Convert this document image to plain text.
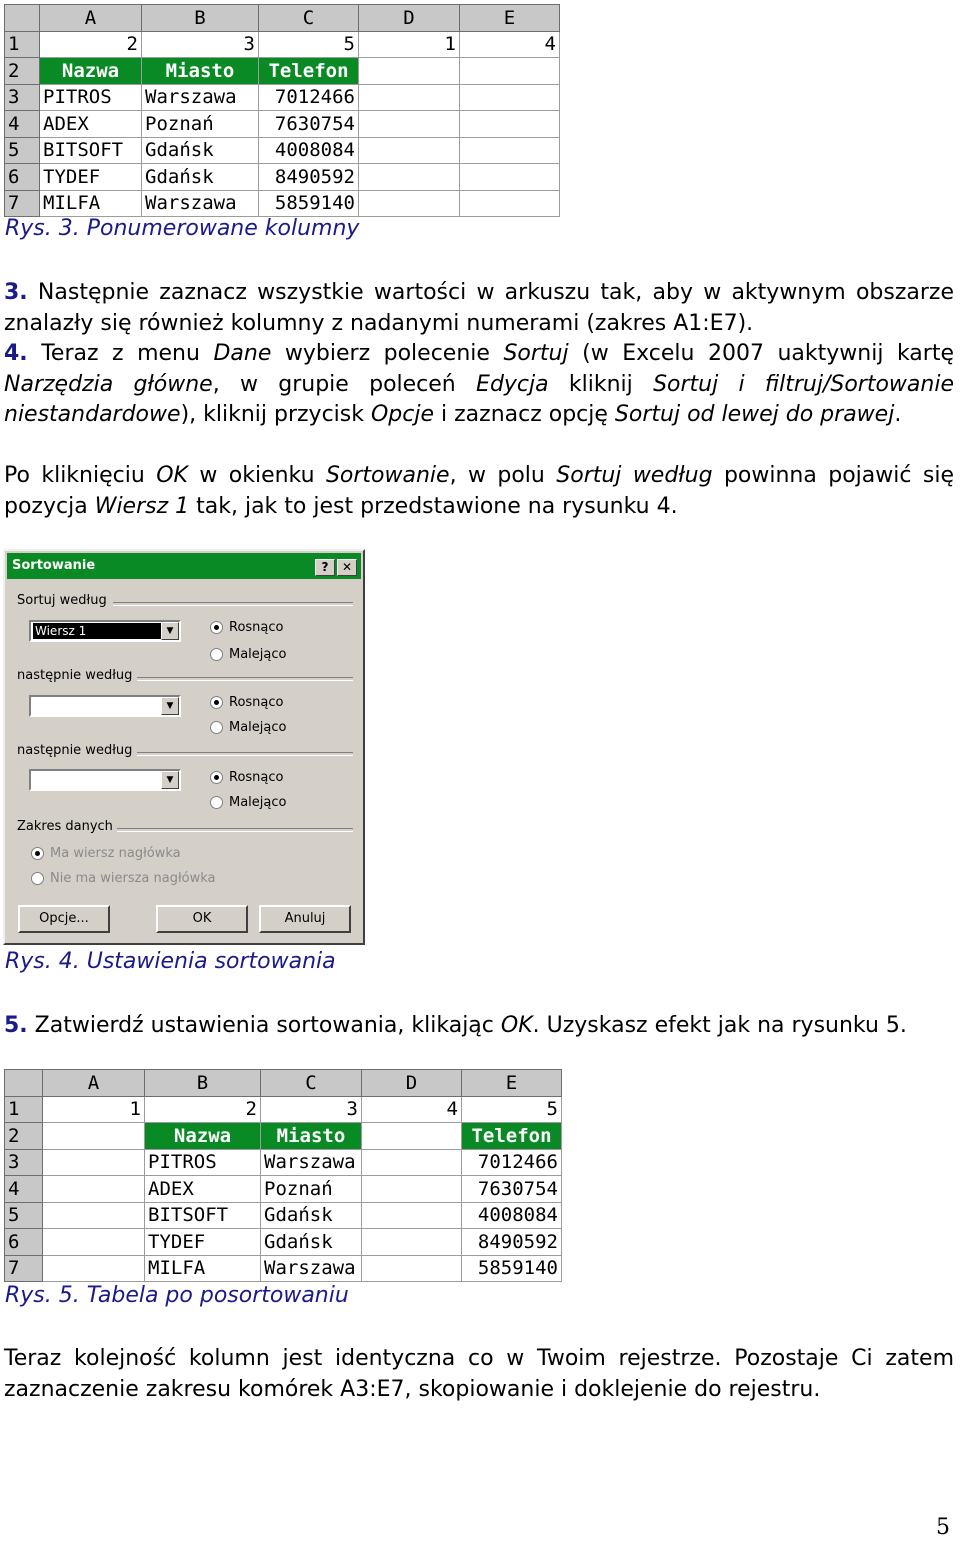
	A	B	C	D	E
1	2	3	5	1	4
2	Nazwa	Miasto	Telefon		
3	PITROS	Warszawa	7012466		
4	ADEX	Poznań	7630754		
5	BITSOFT	Gdańsk	4008084		
6	TYDEF	Gdańsk	8490592		
7	MILFA	Warszawa	5859140		
Rys. 3. Ponumerowane kolumny
3. Następnie zaznacz wszystkie wartości w arkuszu tak, aby w aktywnym obszarze znalazły się również kolumny z nadanymi numerami (zakres A1:E7).
4. Teraz z menu Dane wybierz polecenie Sortuj (w Excelu 2007 uaktywnij kartę Narzędzia główne, w grupie poleceń Edycja kliknij Sortuj i filtruj/Sortowanie niestandardowe), kliknij przycisk Opcje i zaznacz opcję Sortuj od lewej do prawej.
Po kliknięciu OK w okienku Sortowanie, w polu Sortuj według powinna pojawić się pozycja Wiersz 1 tak, jak to jest przedstawione na rysunku 4.
Sortowanie	?	✕
Sortuj według
Wiersz 1	▼	Rosnąco
Malejąco
następnie według
▼	Rosnąco
Malejąco
następnie według
▼	Rosnąco
Malejąco
Zakres danych
Ma wiersz nagłówka
Nie ma wiersza nagłówka
Opcje...	OK	Anuluj
Rys. 4. Ustawienia sortowania
5. Zatwierdź ustawienia sortowania, klikając OK. Uzyskasz efekt jak na rysunku 5.
	A	B	C	D	E
1	1	2	3	4	5
2		Nazwa	Miasto		Telefon
3		PITROS	Warszawa		7012466
4		ADEX	Poznań		7630754
5		BITSOFT	Gdańsk		4008084
6		TYDEF	Gdańsk		8490592
7		MILFA	Warszawa		5859140
Rys. 5. Tabela po posortowaniu
Teraz kolejność kolumn jest identyczna co w Twoim rejestrze. Pozostaje Ci zatem zaznaczenie zakresu komórek A3:E7, skopiowanie i doklejenie do rejestru.
5
